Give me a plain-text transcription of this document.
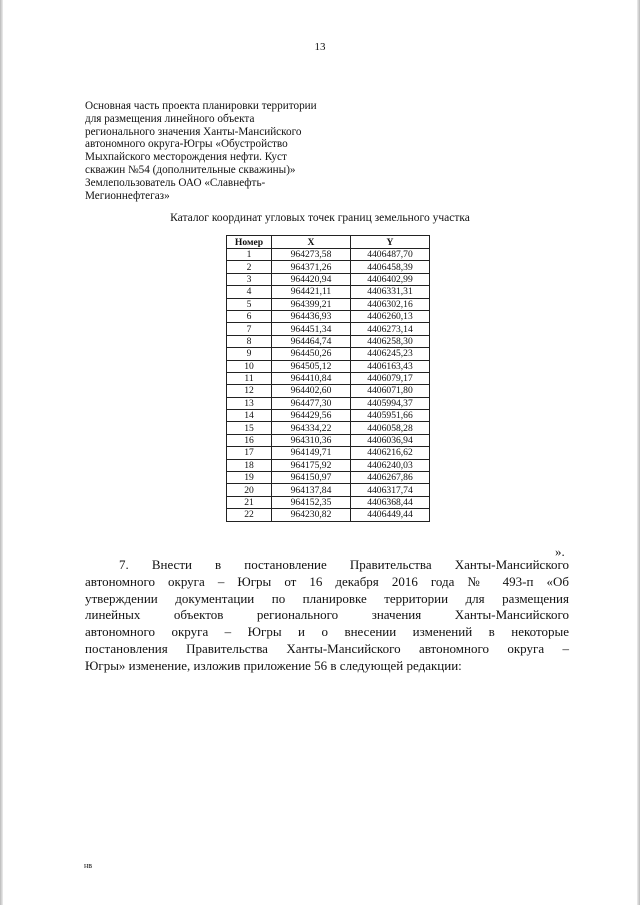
13
Основная часть проекта планировки территории
для размещения линейного объекта
регионального значения Ханты-Мансийского
автономного округа-Югры «Обустройство
Мыхпайского месторождения нефти. Куст
скважин №54 (дополнительные скважины)»
Землепользователь ОАО «Славнефть-
Мегионнефтегаз»
Каталог координат угловых точек границ земельного участка
Номер	X	Y
1	964273,58	4406487,70
2	964371,26	4406458,39
3	964420,94	4406402,99
4	964421,11	4406331,31
5	964399,21	4406302,16
6	964436,93	4406260,13
7	964451,34	4406273,14
8	964464,74	4406258,30
9	964450,26	4406245,23
10	964505,12	4406163,43
11	964410,84	4406079,17
12	964402,60	4406071,80
13	964477,30	4405994,37
14	964429,56	4405951,66
15	964334,22	4406058,28
16	964310,36	4406036,94
17	964149,71	4406216,62
18	964175,92	4406240,03
19	964150,97	4406267,86
20	964137,84	4406317,74
21	964152,35	4406368,44
22	964230,82	4406449,44
».
7. Внести в постановление Правительства Ханты-Мансийского
автономного округа – Югры от 16 декабря 2016 года № 493-п «Об
утверждении документации по планировке территории для размещения
линейных объектов регионального значения Ханты-Мансийского
автономного округа – Югры и о внесении изменений в некоторые
постановления Правительства Ханты-Мансийского автономного округа –
Югры» изменение, изложив приложение 56 в следующей редакции:
нв
